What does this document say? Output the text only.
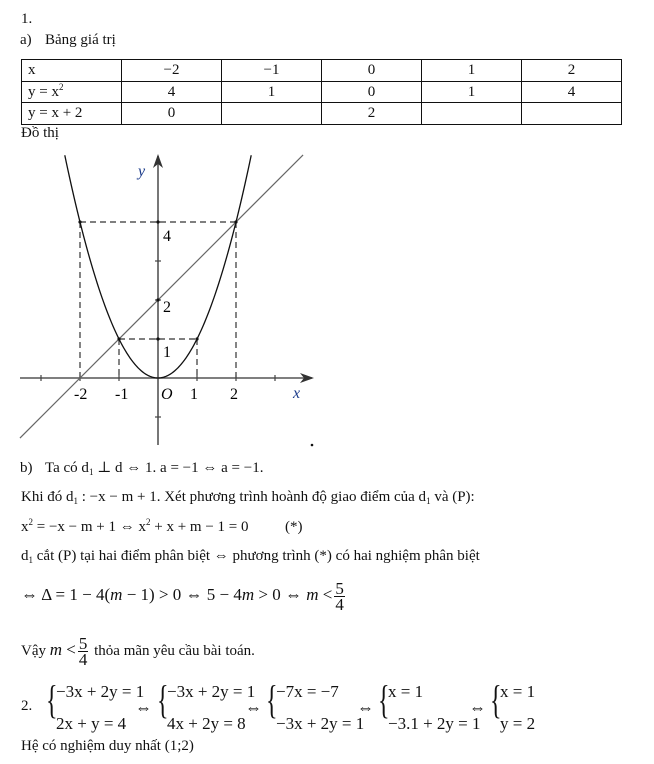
1.
a) Bảng giá trị
x	−2	−1	0	1	2
$y = x^2$	4	1	0	1	4
y = x + 2	0		2		
Đồ thị
y
x
O
-2 -1	1 2
1
2
4
b) Ta có $d_1$ ⊥ d ⇔ 1. a = −1 ⇔ a = −1.
Khi đó $d_1$ : −x − m + 1. Xét phương trình hoành độ giao điểm của $d_1$ và (P):
$x^2 = -x - m + 1$ ⇔ $x^2 + x + m - 1 = 0$ (*)
$d_1$ cắt (P) tại hai điểm phân biệt ⇔ phương trình (*) có hai nghiệm phân biệt
⇔ Δ = 1 − 4(m − 1) > 0 ⇔ 5 − 4m > 0 ⇔ $m < \frac{5}{4}$
Vậy $m < \frac{5}{4}$ thỏa mãn yêu cầu bài toán.
2. {
−3x + 2y = 1
2x + y = 4
⇔ {
−3x + 2y = 1
4x + 2y = 8
⇔ {
−7x = −7
−3x + 2y = 1
⇔ {
x = 1
−3.1 + 2y = 1
⇔ {
x = 1
y = 2
Hệ có nghiệm duy nhất (1;2)
